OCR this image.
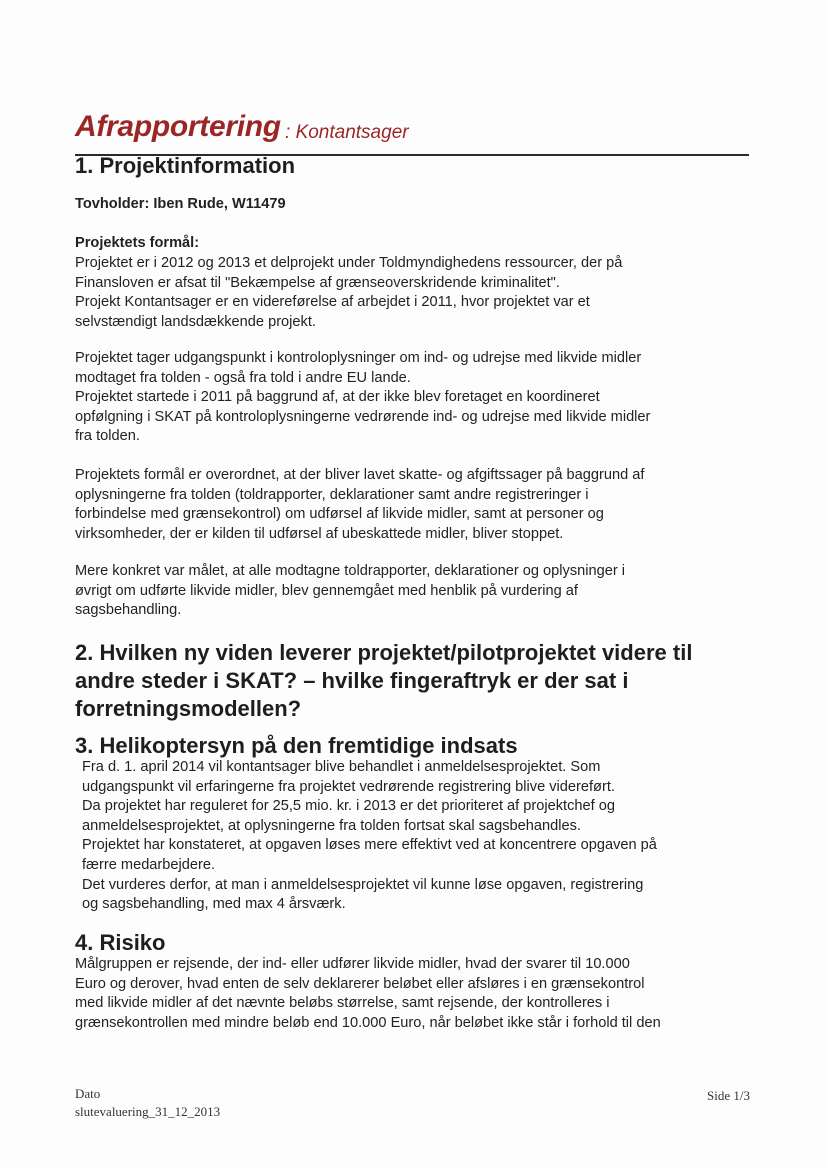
Afrapportering : Kontantsager
1. Projektinformation

Tovholder: Iben Rude, W11479

Projektets formål:

Projektet er i 2012 og 2013 et delprojekt under Toldmyndighedens ressourcer, der på
Finansloven er afsat til "Bekæmpelse af grænseoverskridende kriminalitet".
Projekt Kontantsager er en videreførelse af arbejdet i 2011, hvor projektet var et
selvstændigt landsdækkende projekt.

Projektet tager udgangspunkt i kontroloplysninger om ind- og udrejse med likvide midler
modtaget fra tolden - også fra told i andre EU lande.
Projektet startede i 2011 på baggrund af, at der ikke blev foretaget en koordineret
opfølgning i SKAT på kontroloplysningerne vedrørende ind- og udrejse med likvide midler
fra tolden.

Projektets formål er overordnet, at der bliver lavet skatte- og afgiftssager på baggrund af
oplysningerne fra tolden (toldrapporter, deklarationer samt andre registreringer i
forbindelse med grænsekontrol) om udførsel af likvide midler, samt at personer og
virksomheder, der er kilden til udførsel af ubeskattede midler, bliver stoppet.

Mere konkret var målet, at alle modtagne toldrapporter, deklarationer og oplysninger i
øvrigt om udførte likvide midler, blev gennemgået med henblik på vurdering af
sagsbehandling.

2. Hvilken ny viden leverer projektet/pilotprojektet videre til
andre steder i SKAT? – hvilke fingeraftryk er der sat i
forretningsmodellen?
3. Helikoptersyn på den fremtidige indsats

Fra d. 1. april 2014 vil kontantsager blive behandlet i anmeldelsesprojektet. Som
udgangspunkt vil erfaringerne fra projektet vedrørende registrering blive videreført.
Da projektet har reguleret for 25,5 mio. kr. i 2013 er det prioriteret af projektchef og
anmeldelsesprojektet, at oplysningerne fra tolden fortsat skal sagsbehandles.
Projektet har konstateret, at opgaven løses mere effektivt ved at koncentrere opgaven på
færre medarbejdere.
Det vurderes derfor, at man i anmeldelsesprojektet vil kunne løse opgaven, registrering
og sagsbehandling, med max 4 årsværk.

4. Risiko

Målgruppen er rejsende, der ind- eller udfører likvide midler, hvad der svarer til 10.000
Euro og derover, hvad enten de selv deklarerer beløbet eller afsløres i en grænsekontrol
med likvide midler af det nævnte beløbs størrelse, samt rejsende, der kontrolleres i
grænsekontrollen med mindre beløb end 10.000 Euro, når beløbet ikke står i forhold til den

Dato
slutevaluering_31_12_2013
Side 1/3
